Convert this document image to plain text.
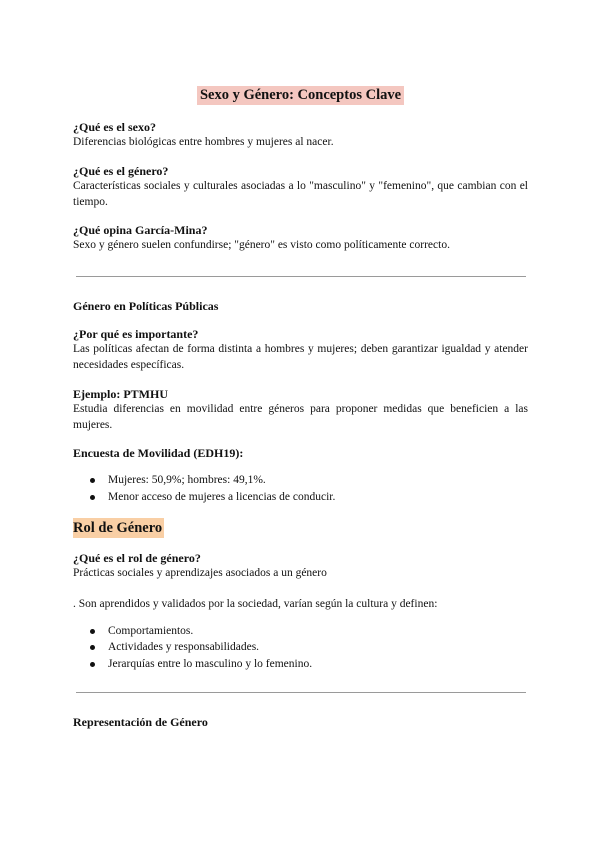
Sexo y Género: Conceptos Clave

¿Qué es el sexo?

Diferencias biológicas entre hombres y mujeres al nacer.

¿Qué es el género?

Características sociales y culturales asociadas a lo "masculino" y "femenino", que cambian con el tiempo.

¿Qué opina García-Mina?

Sexo y género suelen confundirse; "género" es visto como políticamente correcto.

Género en Políticas Públicas

¿Por qué es importante?

Las políticas afectan de forma distinta a hombres y mujeres; deben garantizar igualdad y atender necesidades específicas.

Ejemplo: PTMHU

Estudia diferencias en movilidad entre géneros para proponer medidas que beneficien a las mujeres.

Encuesta de Movilidad (EDH19):

Mujeres: 50,9%; hombres: 49,1%.
Menor acceso de mujeres a licencias de conducir.
Rol de Género

¿Qué es el rol de género?

Prácticas sociales y aprendizajes asociados a un género

. Son aprendidos y validados por la sociedad, varían según la cultura y definen:

Comportamientos.
Actividades y responsabilidades.
Jerarquías entre lo masculino y lo femenino.

Representación de Género
